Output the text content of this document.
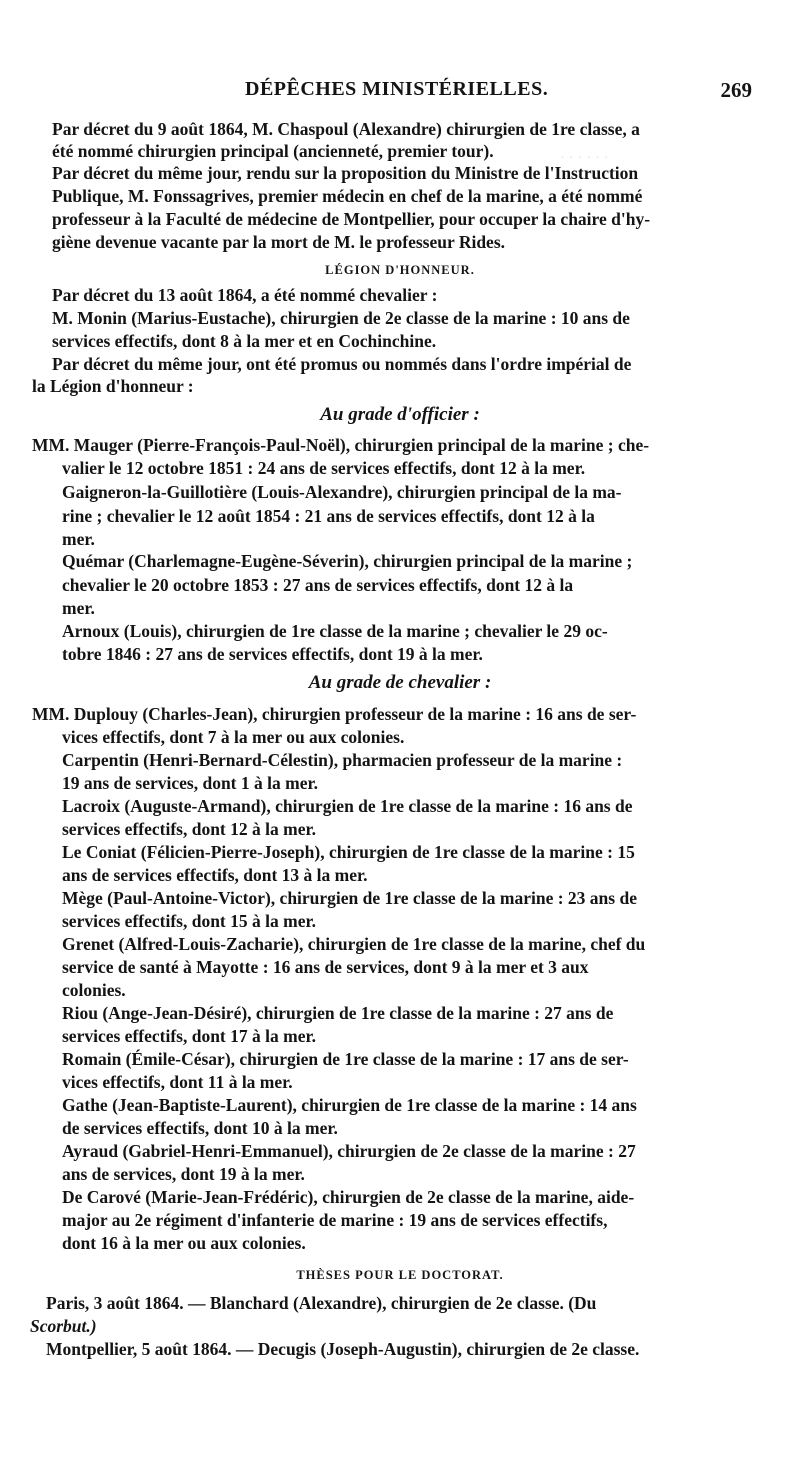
· · · · · ·
DÉPÊCHES MINISTÉRIELLES.	269
Par décret du 9 août 1864, M. Chaspoul (Alexandre) chirurgien de 1re classe, a
été nommé chirurgien principal (ancienneté, premier tour).
Par décret du même jour, rendu sur la proposition du Ministre de l'Instruction
Publique, M. Fonssagrives, premier médecin en chef de la marine, a été nommé
professeur à la Faculté de médecine de Montpellier, pour occuper la chaire d'hy-
giène devenue vacante par la mort de M. le professeur Rides.
LÉGION D'HONNEUR.
Par décret du 13 août 1864, a été nommé chevalier :
M. Monin (Marius-Eustache), chirurgien de 2e classe de la marine : 10 ans de
services effectifs, dont 8 à la mer et en Cochinchine.
Par décret du même jour, ont été promus ou nommés dans l'ordre impérial de
la Légion d'honneur :
Au grade d'officier :
MM. Mauger (Pierre-François-Paul-Noël), chirurgien principal de la marine ; che-
valier le 12 octobre 1851 : 24 ans de services effectifs, dont 12 à la mer.
Gaigneron-la-Guillotière (Louis-Alexandre), chirurgien principal de la ma-
rine ; chevalier le 12 août 1854 : 21 ans de services effectifs, dont 12 à la
mer.
Quémar (Charlemagne-Eugène-Séverin), chirurgien principal de la marine ;
chevalier le 20 octobre 1853 : 27 ans de services effectifs, dont 12 à la
mer.
Arnoux (Louis), chirurgien de 1re classe de la marine ; chevalier le 29 oc-
tobre 1846 : 27 ans de services effectifs, dont 19 à la mer.
Au grade de chevalier :
MM. Duplouy (Charles-Jean), chirurgien professeur de la marine : 16 ans de ser-
vices effectifs, dont 7 à la mer ou aux colonies.
Carpentin (Henri-Bernard-Célestin), pharmacien professeur de la marine :
19 ans de services, dont 1 à la mer.
Lacroix (Auguste-Armand), chirurgien de 1re classe de la marine : 16 ans de
services effectifs, dont 12 à la mer.
Le Coniat (Félicien-Pierre-Joseph), chirurgien de 1re classe de la marine : 15
ans de services effectifs, dont 13 à la mer.
Mège (Paul-Antoine-Victor), chirurgien de 1re classe de la marine : 23 ans de
services effectifs, dont 15 à la mer.
Grenet (Alfred-Louis-Zacharie), chirurgien de 1re classe de la marine, chef du
service de santé à Mayotte : 16 ans de services, dont 9 à la mer et 3 aux
colonies.
Riou (Ange-Jean-Désiré), chirurgien de 1re classe de la marine : 27 ans de
services effectifs, dont 17 à la mer.
Romain (Émile-César), chirurgien de 1re classe de la marine : 17 ans de ser-
vices effectifs, dont 11 à la mer.
Gathe (Jean-Baptiste-Laurent), chirurgien de 1re classe de la marine : 14 ans
de services effectifs, dont 10 à la mer.
Ayraud (Gabriel-Henri-Emmanuel), chirurgien de 2e classe de la marine : 27
ans de services, dont 19 à la mer.
De Carové (Marie-Jean-Frédéric), chirurgien de 2e classe de la marine, aide-
major au 2e régiment d'infanterie de marine : 19 ans de services effectifs,
dont 16 à la mer ou aux colonies.
THÈSES POUR LE DOCTORAT.
Paris, 3 août 1864. — Blanchard (Alexandre), chirurgien de 2e classe. (Du
Scorbut.)
Montpellier, 5 août 1864. — Decugis (Joseph-Augustin), chirurgien de 2e classe.
